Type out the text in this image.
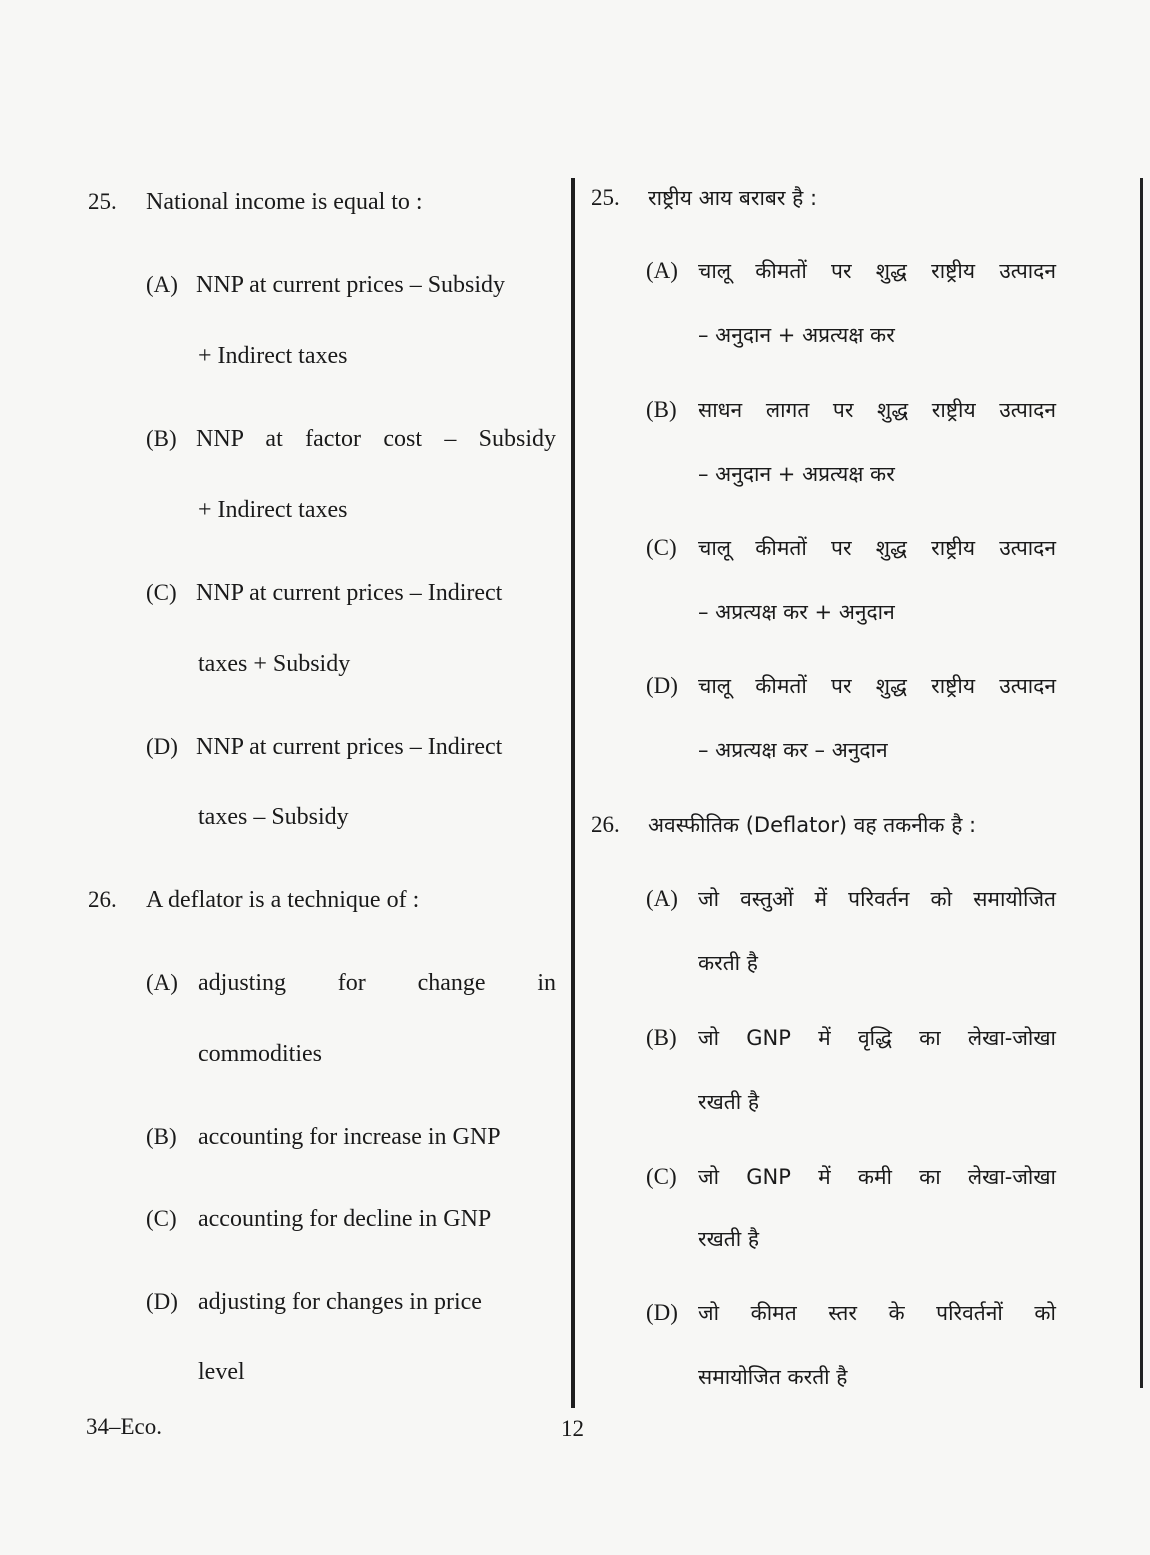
25. National income is equal to :
(A) NNP at current prices – Subsidy
+ Indirect taxes
(B) NNP at factor cost – Subsidy
+ Indirect taxes
(C) NNP at current prices – Indirect
taxes + Subsidy
(D) NNP at current prices – Indirect
taxes – Subsidy
26. A deflator is a technique of :
(A) adjusting for change in
commodities
(B) accounting for increase in GNP
(C) accounting for decline in GNP
(D) adjusting for changes in price
level
25. राष्ट्रीय आय बराबर है :
(A) चालू कीमतों पर शुद्ध राष्ट्रीय उत्पादन
– अनुदान + अप्रत्यक्ष कर
(B) साधन लागत पर शुद्ध राष्ट्रीय उत्पादन
– अनुदान + अप्रत्यक्ष कर
(C) चालू कीमतों पर शुद्ध राष्ट्रीय उत्पादन
– अप्रत्यक्ष कर + अनुदान
(D) चालू कीमतों पर शुद्ध राष्ट्रीय उत्पादन
– अप्रत्यक्ष कर – अनुदान
26. अवस्फीतिक (Deflator) वह तकनीक है :
(A) जो वस्तुओं में परिवर्तन को समायोजित
करती है
(B) जो GNP में वृद्धि का लेखा-जोखा
रखती है
(C) जो GNP में कमी का लेखा-जोखा
रखती है
(D) जो कीमत स्तर के परिवर्तनों को
समायोजित करती है
34–Eco.	12
